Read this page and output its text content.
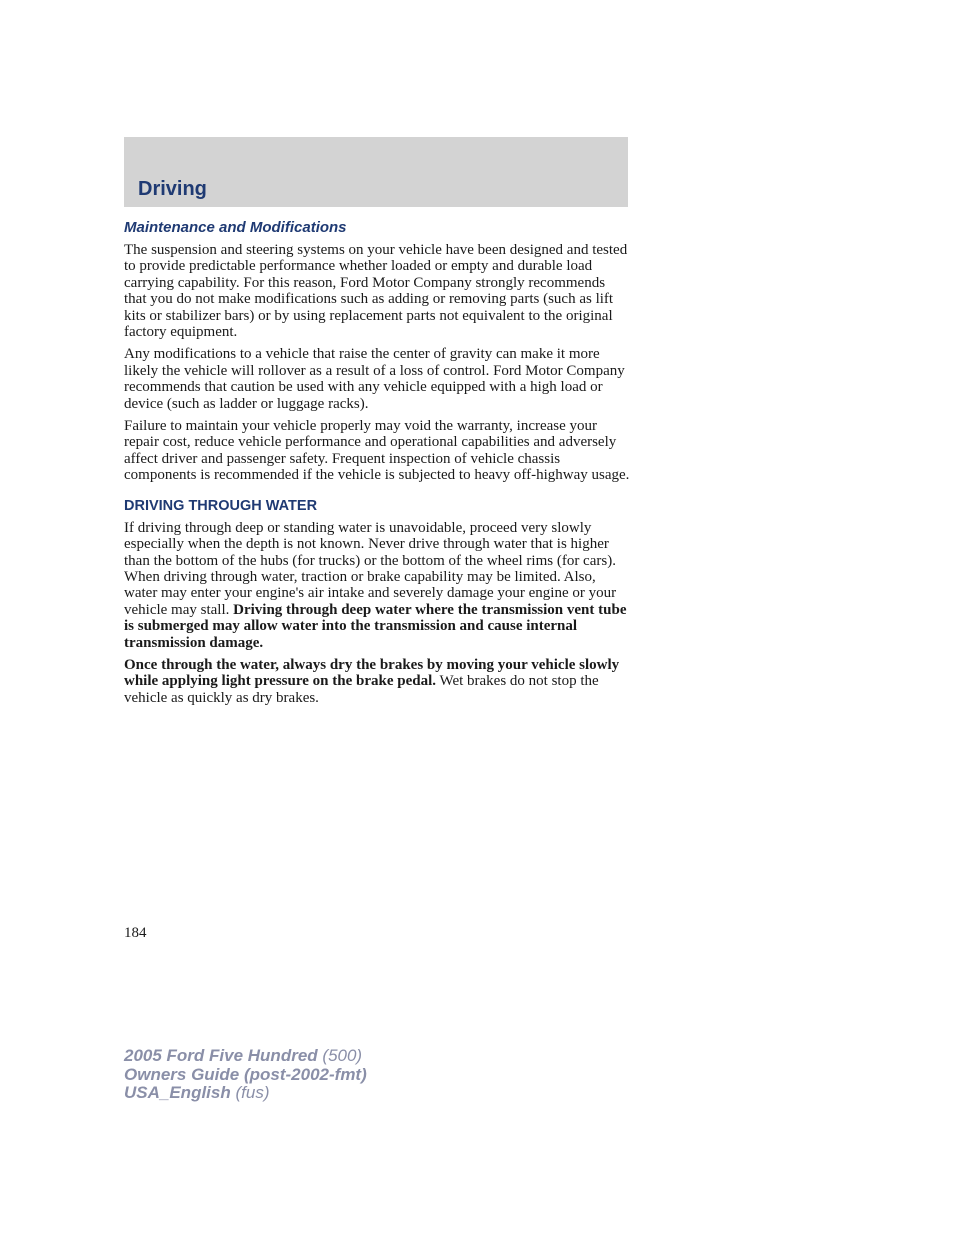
Driving
Maintenance and Modifications

The suspension and steering systems on your vehicle have been designed and tested to provide predictable performance whether loaded or empty and durable load carrying capability. For this reason, Ford Motor Company strongly recommends that you do not make modifications such as adding or removing parts (such as lift kits or stabilizer bars) or by using replacement parts not equivalent to the original factory equipment.

Any modifications to a vehicle that raise the center of gravity can make it more likely the vehicle will rollover as a result of a loss of control. Ford Motor Company recommends that caution be used with any vehicle equipped with a high load or device (such as ladder or luggage racks).

Failure to maintain your vehicle properly may void the warranty, increase your repair cost, reduce vehicle performance and operational capabilities and adversely affect driver and passenger safety. Frequent inspection of vehicle chassis components is recommended if the vehicle is subjected to heavy off-highway usage.

DRIVING THROUGH WATER

If driving through deep or standing water is unavoidable, proceed very slowly especially when the depth is not known. Never drive through water that is higher than the bottom of the hubs (for trucks) or the bottom of the wheel rims (for cars). When driving through water, traction or brake capability may be limited. Also, water may enter your engine's air intake and severely damage your engine or your vehicle may stall. Driving through deep water where the transmission vent tube is submerged may allow water into the transmission and cause internal transmission damage.

Once through the water, always dry the brakes by moving your vehicle slowly while applying light pressure on the brake pedal. Wet brakes do not stop the vehicle as quickly as dry brakes.

184
2005 Ford Five Hundred (500)
Owners Guide (post-2002-fmt)
USA_English (fus)
